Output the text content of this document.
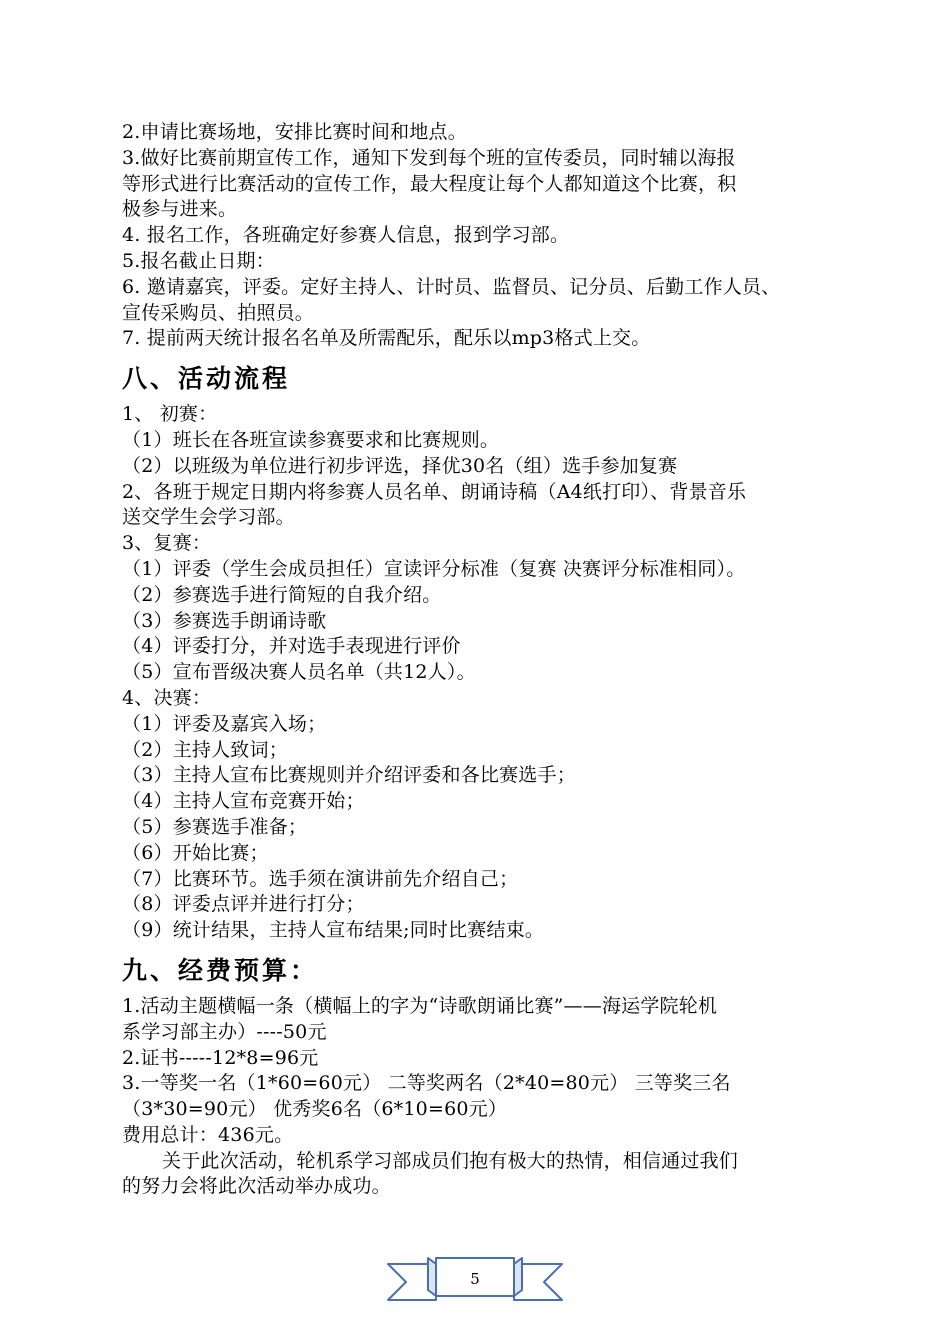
2.申请比赛场地，安排比赛时间和地点。
3.做好比赛前期宣传工作，通知下发到每个班的宣传委员，同时辅以海报
等形式进行比赛活动的宣传工作，最大程度让每个人都知道这个比赛，积
极参与进来。
4. 报名工作，各班确定好参赛人信息，报到学习部。
5.报名截止日期：
6. 邀请嘉宾，评委。定好主持人、计时员、监督员、记分员、后勤工作人员、
宣传采购员、拍照员。
7. 提前两天统计报名名单及所需配乐，配乐以mp3格式上交。
八、活动流程
1、 初赛：
（1）班长在各班宣读参赛要求和比赛规则。
（2）以班级为单位进行初步评选，择优30名（组）选手参加复赛
2、各班于规定日期内将参赛人员名单、朗诵诗稿（A4纸打印）、背景音乐
送交学生会学习部。
3、复赛：
（1）评委（学生会成员担任）宣读评分标准（复赛 决赛评分标准相同）。
（2）参赛选手进行简短的自我介绍。
（3）参赛选手朗诵诗歌
（4）评委打分，并对选手表现进行评价
（5）宣布晋级决赛人员名单（共12人）。
4、决赛：
（1）评委及嘉宾入场；
（2）主持人致词；
（3）主持人宣布比赛规则并介绍评委和各比赛选手；
（4）主持人宣布竞赛开始；
（5）参赛选手准备；
（6）开始比赛；
（7）比赛环节。选手须在演讲前先介绍自己；
（8）评委点评并进行打分；
（9）统计结果，主持人宣布结果;同时比赛结束。
九、经费预算：
1.活动主题横幅一条（横幅上的字为“诗歌朗诵比赛”——海运学院轮机
系学习部主办）----50元
2.证书-----12*8=96元
3.一等奖一名（1*60=60元） 二等奖两名（2*40=80元） 三等奖三名
（3*30=90元） 优秀奖6名（6*10=60元）
费用总计：436元。
关于此次活动，轮机系学习部成员们抱有极大的热情，相信通过我们
的努力会将此次活动举办成功。
5
